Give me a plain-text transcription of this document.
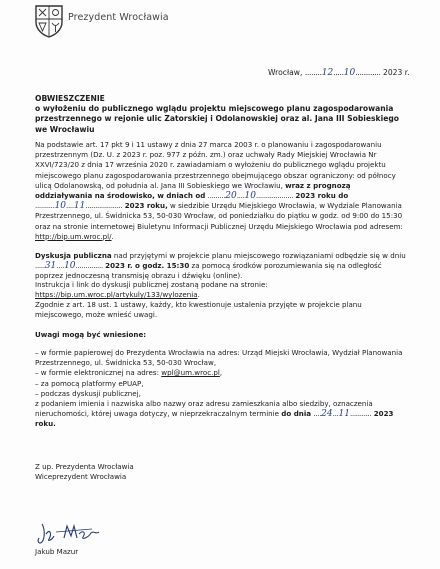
Prezydent Wrocławia
Wrocław, ........12.....10............ 2023 r.
OBWIESZCZENIE
o wyłożeniu do publicznego wglądu projektu miejscowego planu zagospodarowania przestrzennego w rejonie ulic Zatorskiej i Odolanowskiej oraz al. Jana III Sobieskiego we Wrocławiu
Na podstawie art. 17 pkt 9 i 11 ustawy z dnia 27 marca 2003 r. o planowaniu i zagospodarowaniu przestrzennym (Dz. U. z 2023 r. poz. 977 z późn. zm.) oraz uchwały Rady Miejskiej Wrocławia Nr XXVI/723/20 z dnia 17 września 2020 r. zawiadamiam o wyłożeniu do publicznego wglądu projektu miejscowego planu zagospodarowania przestrzennego obejmującego obszar ograniczony: od północy ulicą Odolanowską, od południa al. Jana III Sobieskiego we Wrocławiu, wraz z prognozą oddziaływania na środowisko, w dniach od .........20....10................... 2023 roku do ..........10....11................... 2023 roku, w siedzibie Urzędu Miejskiego Wrocławia, w Wydziale Planowania Przestrzennego, ul. Świdnicka 53, 50-030 Wrocław, od poniedziałku do piątku w godz. od 9:00 do 15:30 oraz na stronie internetowej Biuletynu Informacji Publicznej Urzędu Miejskiego Wrocławia pod adresem: http://bip.um.wroc.pl/.
Dyskusja publiczna nad przyjętymi w projekcie planu miejscowego rozwiązaniami odbędzie się w dniu .....31....10.............. 2023 r. o godz. 15:30 za pomocą środków porozumiewania się na odległość poprzez jednoczesną transmisję obrazu i dźwięku (online).
Instrukcja i link do dyskusji publicznej zostaną podane na stronie:
https://bip.um.wroc.pl/artykuly/133/wylozenia.
Zgodnie z art. 18 ust. 1 ustawy, każdy, kto kwestionuje ustalenia przyjęte w projekcie planu miejscowego, może wnieść uwagi.
Uwagi mogą być wniesione:
– w formie papierowej do Prezydenta Wrocławia na adres: Urząd Miejski Wrocławia, Wydział Planowania Przestrzennego, ul. Świdnicka 53, 50-030 Wrocław,
– w formie elektronicznej na adres: wpl@um.wroc.pl,
– za pomocą platformy ePUAP,
– podczas dyskusji publicznej,
z podaniem imienia i nazwiska albo nazwy oraz adresu zamieszkania albo siedziby, oznaczenia nieruchomości, której uwaga dotyczy, w nieprzekraczalnym terminie do dnia ....24...11........... 2023 roku.
Z up. Prezydenta Wrocławia
Wiceprezydent Wrocławia
Jakub Mazur
